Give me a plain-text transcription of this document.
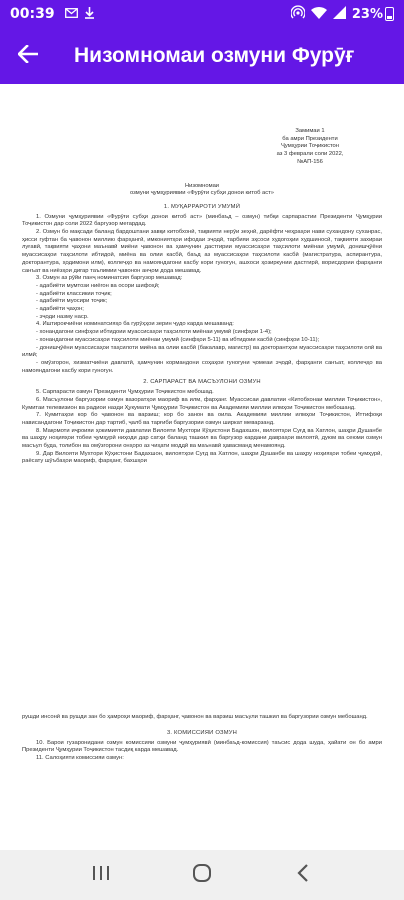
00:39	23%
Низомномаи озмуни Фурӯғ
Замимаи 1
ба амри Президенти
Ҷумҳурии Тоҷикистон
аз 3 феврали соли 2022,
№АП-156
Низомномаи
озмуни ҷумҳуриявии «Фурӯғи субҳи донои китоб аст»
1. МУҚАРРАРОТИ УМУМӢ
1. Озмуни ҷумҳуриявии «Фурӯғи субҳи донои китоб аст» (минбаъд – озмун) тибқи сарпарастии Президенти Ҷумҳурии Тоҷикистон дар соли 2022 баргузор мегардад.
2. Озмун бо мақсади баланд бардоштани завқи китобхонӣ, тақвияти нерӯи зеҳнӣ, дарёфти чеҳраҳои нави сухандону суханрас, ҳисси гуфтан ба ҷавонон миллию фарҳангӣ, имкониятҳои ифодаи эҷодӣ, тарбияи эҳсоси худогоҳии худшиносӣ, тақвияти захираи луғавӣ, тақвияти ҷаҳони маънавӣ миёни ҷавонон ва ҳамчунин дастгирии муассисаҳои таҳсилоти миёнаи умумӣ, донишҷӯёни муассисаҳои таҳсилоти ибтидоӣ, миёна ва олии касбӣ, баъд аз муассисаҳои таҳсилоти касбӣ (магистратура, аспирантура, докторантура, ҳодимони илм), коллеҷҳо ва намояндагони касбу кори гуногун, ашхоси ҳозиркунии дастгирӣ, ворисдории фарҳанги санъат ва ниёзҳои дигар таълимии ҷавонон анҷом дода мешавад.
3. Озмун аз рӯйи панҷ номинатсия баргузор мешавад:
- адабиёти мумтози ниёгон ва осори шифоҳӣ;
- адабиёти классикии тоҷик;
- адабиёти муосири тоҷик;
- адабиёти ҷаҳон;
- эҷоди назму наср.
4. Иштирокчиёни номинатсияҳо ба гурӯҳҳои зерин ҷудо карда мешаванд:
- хонандагони синфҳои ибтидоии муассисаҳои таҳсилоти миёнаи умумӣ (синфҳои 1-4);
- хонандагони муассисаҳои таҳсилоти миёнаи умумӣ (синфҳои 5-11) ва ибтидоии касбӣ (синфҳои 10-11);
- донишҷӯёни муассисаҳои таҳсилоти миёна ва олии касбӣ (бакалавр, магистр) ва докторантҳои муассисаҳои таҳсилоти олӣ ва илмӣ;
- омӯзгорон, хизматчиёни давлатӣ, ҳамчунин кормандони соҳаҳои гуногуни ҷомеаи эҷодӣ, фарҳанги санъат, коллеҷҳо ва намояндагони касбу кори гуногун.
2. САРПАРАСТ ВА МАСЪУЛОНИ ОЗМУН
5. Сарпарасти озмун Президенти Ҷумҳурии Тоҷикистон мебошад.
6. Масъулони баргузории озмун вазоратҳои маориф ва илм, фарҳанг. Муассисаи давлатии «Китобхонаи миллии Тоҷикистон», Кумитаи телевизион ва радиои назди Ҳукумати Ҷумҳурии Тоҷикистон ва Академияи миллии илмҳои Тоҷикистон мебошанд.
7. Кумитаҳои кор бо ҷавонон ва варзиш; кор бо занон ва оила. Академияи миллии илмҳои Тоҷикистон, Иттифоқи нависандагони Тоҷикистон дар тартиб, ҷалб ва тарғиби баргузории озмун ширкат меварзанд.
8. Мақомоти иҷроияи ҳокимияти давлатии Вилояти Мухтори Кӯҳистони Бадахшон, вилоятҳои Суғд ва Хатлон, шаҳри Душанбе ва шаҳру ноҳияҳои тобеи ҷумҳурӣ ниҳоди дар сатҳи баланд ташкил ва баргузор кардани давраҳои вилоятӣ, дуюм ва сеюми озмун масъул буда, толибон ва омӯзгорони онҳоро аз чиҳати моддӣ ва маънавӣ ҳавасманд менамоянд.
9. Дар Вилояти Мухтори Кӯҳистони Бадахшон, вилоятҳои Суғд ва Хатлон, шаҳри Душанбе ва шаҳру ноҳияҳои тобеи ҷумҳурӣ, раёсату шӯъбаҳои маориф, фарҳанг, бахшҳои
рушди инсонӣ ва рушди зан бо ҳамроҳи маориф, фарҳанг, ҷавонон ва варзиш масъули ташкил ва баргузории озмун мебошанд.
3. КОМИССИЯИ ОЗМУН
10. Барои гузаронидани озмун комиссияи озмуни ҷумҳуриявӣ (минбаъд-комиссия) таъсис дода шуда, ҳайати он бо амри Президенти Ҷумҳурии Тоҷикистон тасдиқ карда мешавад.
11. Салоҳияти комиссияи озмун:
